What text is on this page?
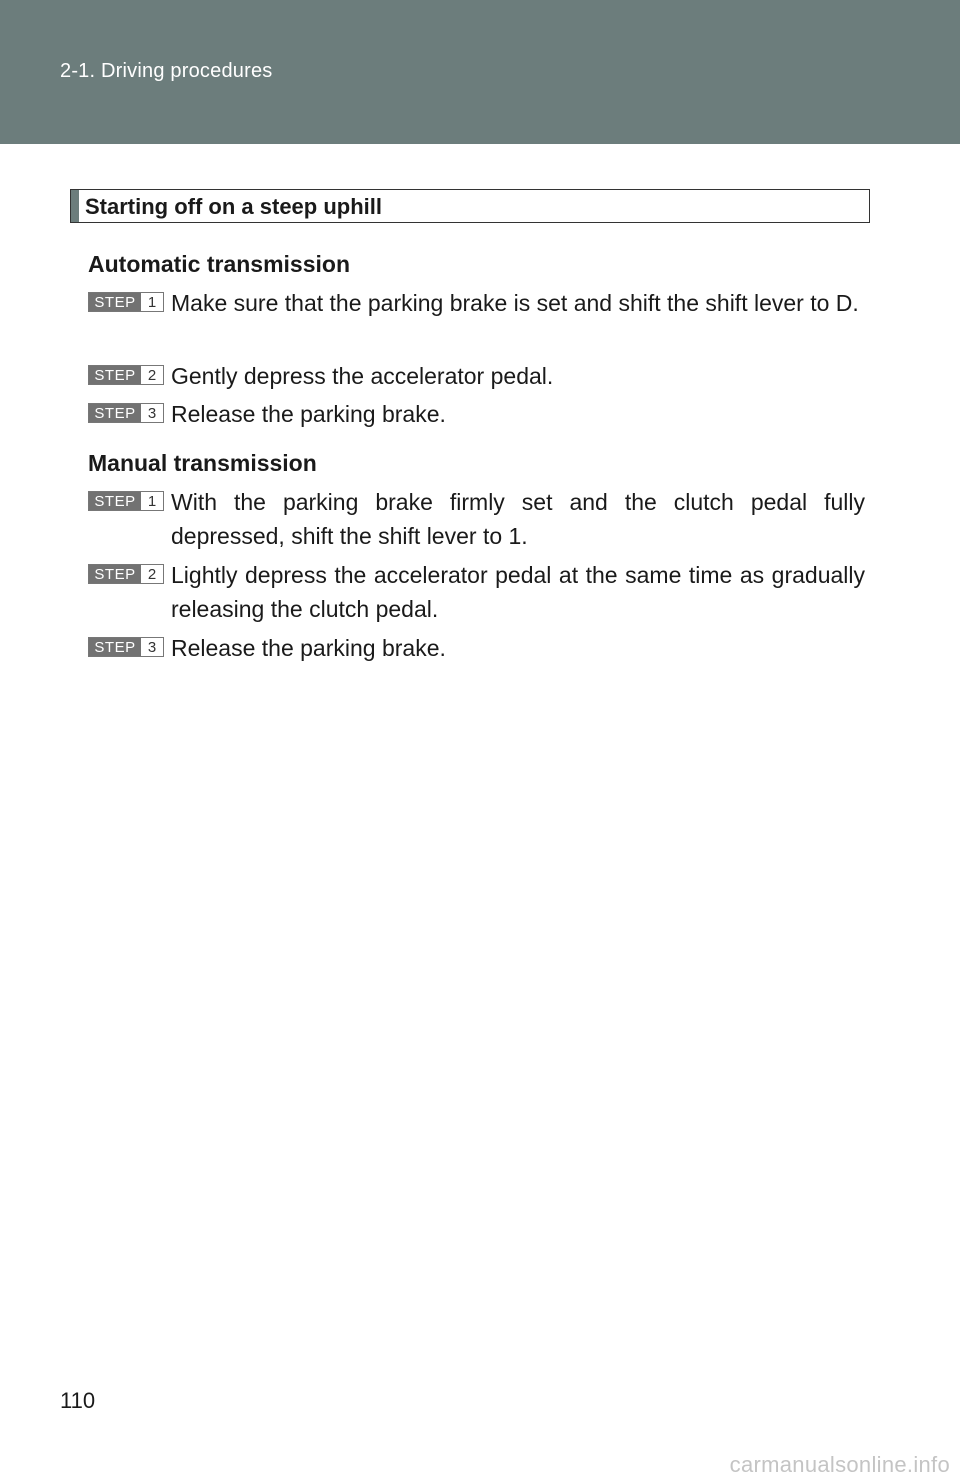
2-1. Driving procedures
Starting off on a steep uphill
Automatic transmission
STEP 1 Make sure that the parking brake is set and shift the shift lever to D.
STEP 2 Gently depress the accelerator pedal.
STEP 3 Release the parking brake.
Manual transmission
STEP 1 With the parking brake firmly set and the clutch pedal fully depressed, shift the shift lever to 1.
STEP 2 Lightly depress the accelerator pedal at the same time as gradually releasing the clutch pedal.
STEP 3 Release the parking brake.
110
carmanualsonline.info
